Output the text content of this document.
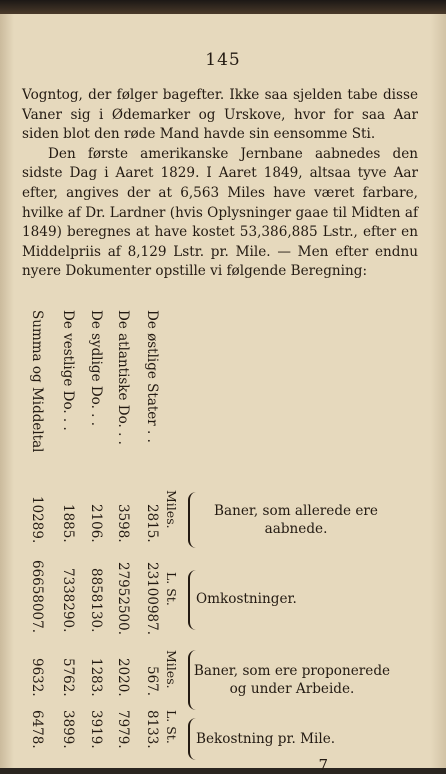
145

Vogntog, der følger bagefter. Ikke saa sjelden tabe disse Vaner sig i Ødemarker og Urskove, hvor for saa Aar siden blot den røde Mand havde sin eensomme Sti.

Den første amerikanske Jernbane aabnedes den sidste Dag i Aaret 1829. I Aaret 1849, altsaa tyve Aar efter, angives der at 6,563 Miles have været farbare, hvilke af Dr. Lardner (hvis Oplysninger gaae til Midten af 1849) beregnes at have kostet 53,386,885 Lstr., efter en Middelpriis af 8,129 Lstr. pr. Mile. — Men efter endnu nyere Dokumenter opstille vi følgende Beregning:

De østlige Stater . .
De atlantiske Do. . .
De sydlige Do. . .
De vestlige Do. . .
Summa og Middeltal
Miles.
2815.
3598.
2106.
1885.
10289.
L. St.
23100987.
27952500.
8858130.
7338290.
66658007.
Miles.
567.
2020.
1283.
5762.
9632.
L. St.
8133.
7979.
3919.
3899.
6478.
Baner, som allerede ere aabnede.
Omkostninger.
Baner, som ere proponerede og under Arbeide.
Bekostning pr. Mile.
7
